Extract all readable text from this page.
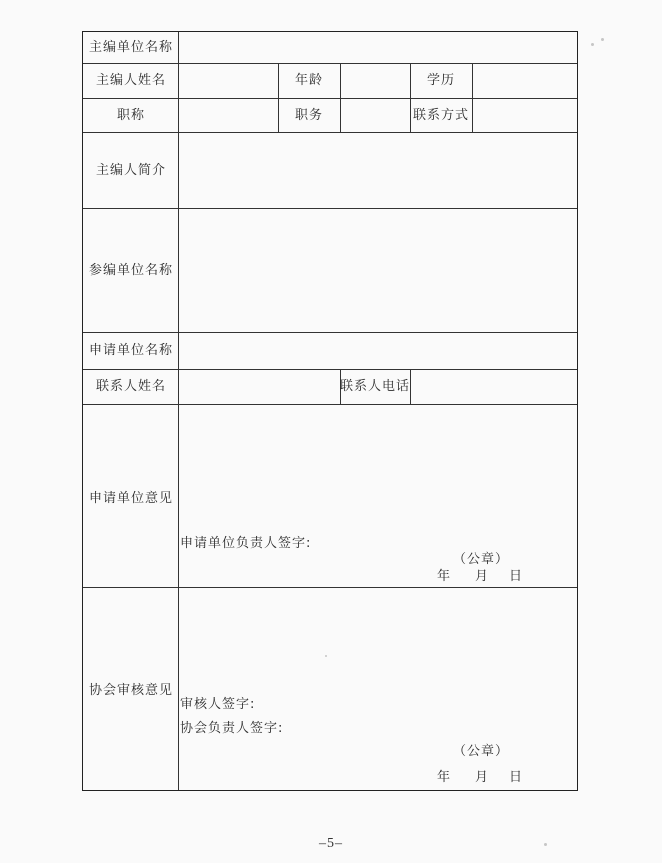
主编单位名称
主编人姓名	年龄	学历
职称	职务	联系方式
主编人简介
参编单位名称
申请单位名称
联系人姓名	联系人电话
申请单位意见
申请单位负责人签字:
（公章）
年 月 日
协会审核意见
审核人签字:
协会负责人签字:
（公章）
年 月 日
–5–
